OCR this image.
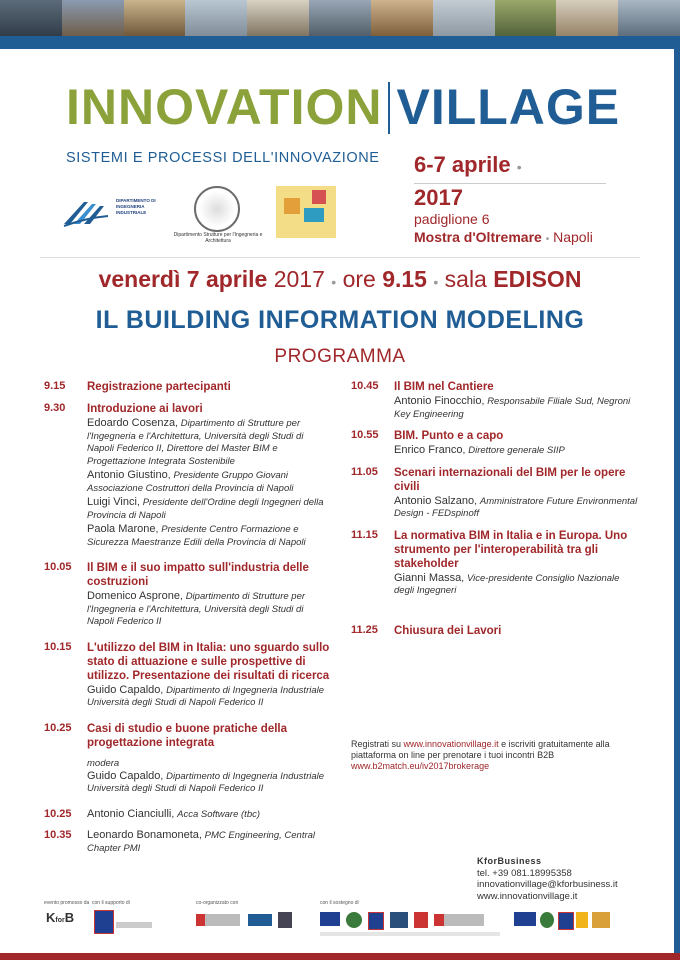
INNOVATION VILLAGE
SISTEMI E PROCESSI DELL'INNOVAZIONE 6-7 aprile •
2017
padiglione 6
Mostra d'Oltremare • Napoli
DIPARTIMENTO DI INGEGNERIA INDUSTRIALE
Dipartimento Strutture per l'Ingegneria e Architettura
venerdì 7 aprile 2017 • ore 9.15 • sala EDISON
IL BUILDING INFORMATION MODELING
PROGRAMMA
9.15 Registrazione partecipanti
9.30 Introduzione ai lavori
Edoardo Cosenza, Dipartimento di Strutture per l'Ingegneria e l'Architettura, Università degli Studi di Napoli Federico II, Direttore del Master BIM e Progettazione Integrata Sostenibile
Antonio Giustino, Presidente Gruppo Giovani Associazione Costruttori della Provincia di Napoli
Luigi Vinci, Presidente dell'Ordine degli Ingegneri della Provincia di Napoli
Paola Marone, Presidente Centro Formazione e Sicurezza Maestranze Edili della Provincia di Napoli
10.05 Il BIM e il suo impatto sull'industria delle costruzioni
Domenico Asprone, Dipartimento di Strutture per l'Ingegneria e l'Architettura, Università degli Studi di Napoli Federico II
10.15 L'utilizzo del BIM in Italia: uno sguardo sullo stato di attuazione e sulle prospettive di utilizzo. Presentazione dei risultati di ricerca
Guido Capaldo, Dipartimento di Ingegneria Industriale Università degli Studi di Napoli Federico II
10.25 Casi di studio e buone pratiche della progettazione integrata
modera
Guido Capaldo, Dipartimento di Ingegneria Industriale Università degli Studi di Napoli Federico II
10.25 Antonio Cianciulli, Acca Software (tbc)
10.35 Leonardo Bonamoneta, PMC Engineering, Central Chapter PMI
10.45 Il BIM nel Cantiere
Antonio Finocchio, Responsabile Filiale Sud, Negroni Key Engineering
10.55 BIM. Punto e a capo
Enrico Franco, Direttore generale SIIP
11.05 Scenari internazionali del BIM per le opere civili
Antonio Salzano, Amministratore Future Environmental Design - FEDspinoff
11.15 La normativa BIM in Italia e in Europa. Uno strumento per l'interoperabilità tra gli stakeholder
Gianni Massa, Vice-presidente Consiglio Nazionale degli Ingegneri
11.25 Chiusura dei Lavori
Registrati su www.innovationvillage.it e iscriviti gratuitamente alla piattaforma on line per prenotare i tuoi incontri B2B
www.b2match.eu/iv2017brokerage
KforBusiness
tel. +39 081.18995358
innovationvillage@kforbusiness.it
www.innovationvillage.it
evento promosso da
KforB
con il supporto di	co-organizzato con	con il sostegno di
